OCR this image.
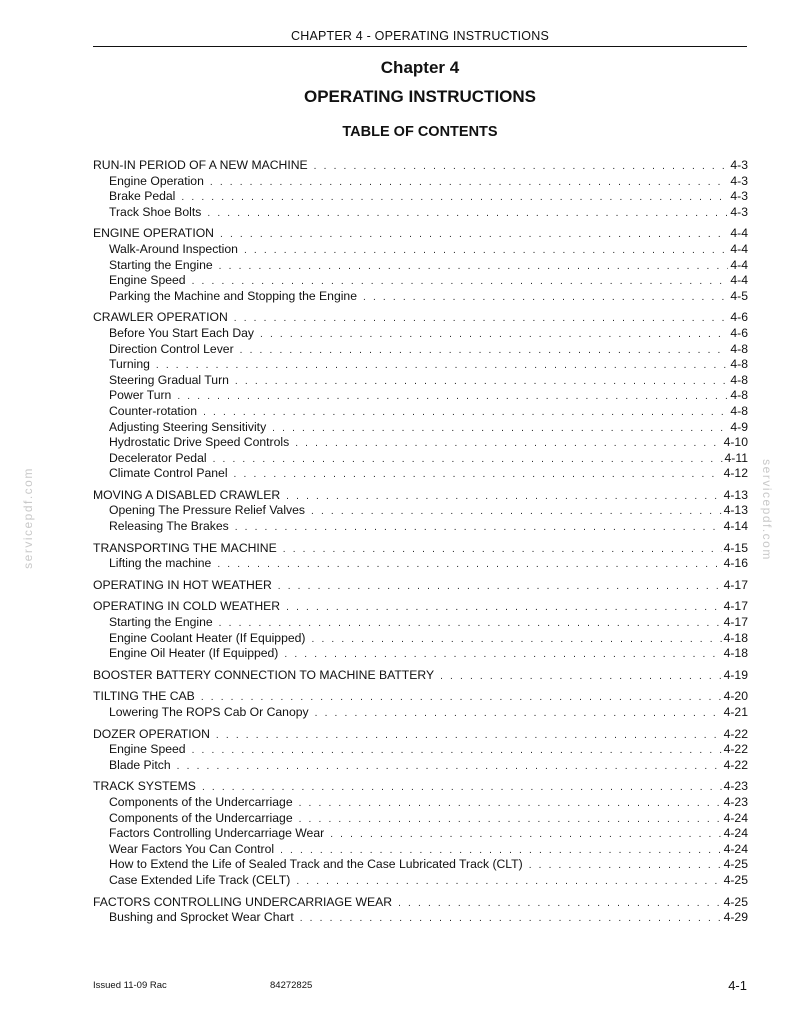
CHAPTER 4 - OPERATING INSTRUCTIONS
Chapter 4
OPERATING INSTRUCTIONS
TABLE OF CONTENTS
RUN-IN PERIOD OF A NEW MACHINE . . .	4-3
Engine Operation . . .	4-3
Brake Pedal . . .	4-3
Track Shoe Bolts . . .	4-3
ENGINE OPERATION . . .	4-4
Walk-Around Inspection . . .	4-4
Starting the Engine . . .	4-4
Engine Speed . . .	4-4
Parking the Machine and Stopping the Engine . . .	4-5
CRAWLER OPERATION . . .	4-6
Before You Start Each Day . . .	4-6
Direction Control Lever . . .	4-8
Turning . . .	4-8
Steering Gradual Turn . . .	4-8
Power Turn . . .	4-8
Counter-rotation . . .	4-8
Adjusting Steering Sensitivity . . .	4-9
Hydrostatic Drive Speed Controls . . .	4-10
Decelerator Pedal . . .	4-11
Climate Control Panel . . .	4-12
MOVING A DISABLED CRAWLER . . .	4-13
Opening The Pressure Relief Valves . . .	4-13
Releasing The Brakes . . .	4-14
TRANSPORTING THE MACHINE . . .	4-15
Lifting the machine . . .	4-16
OPERATING IN HOT WEATHER . . .	4-17
OPERATING IN COLD WEATHER . . .	4-17
Starting the Engine . . .	4-17
Engine Coolant Heater (If Equipped) . . .	4-18
Engine Oil Heater (If Equipped) . . .	4-18
BOOSTER BATTERY CONNECTION TO MACHINE BATTERY . . .	4-19
TILTING THE CAB . . .	4-20
Lowering The ROPS Cab Or Canopy . . .	4-21
DOZER OPERATION . . .	4-22
Engine Speed . . .	4-22
Blade Pitch . . .	4-22
TRACK SYSTEMS . . .	4-23
Components of the Undercarriage . . .	4-23
Components of the Undercarriage . . .	4-24
Factors Controlling Undercarriage Wear . . .	4-24
Wear Factors You Can Control . . .	4-24
How to Extend the Life of Sealed Track and the Case Lubricated Track (CLT) . . .	4-25
Case Extended Life Track (CELT) . . .	4-25
FACTORS CONTROLLING UNDERCARRIAGE WEAR . . .	4-25
Bushing and Sprocket Wear Chart . . .	4-29
servicepdf.com	servicepdf.com
Issued 11-09 Rac	84272825	4-1
